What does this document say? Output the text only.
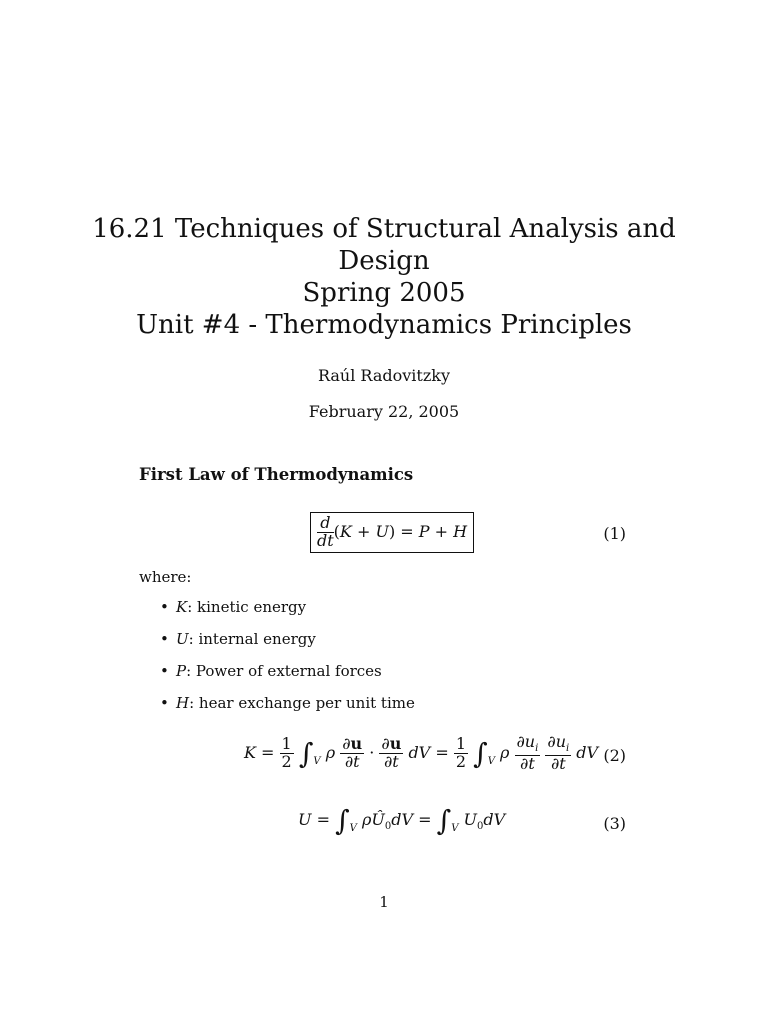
16.21 Techniques of Structural Analysis and
Design
Spring 2005
Unit #4 - Thermodynamics Principles
Raúl Radovitzky
February 22, 2005
First Law of Thermodynamics
$\frac{d}{dt} (K + U) = P + H$	(1)
where:
• K: kinetic energy
• U: internal energy
• P: Power of external forces
• H: hear exchange per unit time
$K = \frac{1}{2} \int_V$ ρ $\frac{\partial u}{\partial t} \cdot \frac{\partial u}{\partial t}$ dV = $\frac{1}{2} \int_V$ ρ $\frac{\partial u_i}{\partial t}$
$\frac{\partial u_i}{\partial t}$ dV (2)
$U = \int_V$ $\rho Û_0dV = \int_V$ $U_0dV$	(3)
1
